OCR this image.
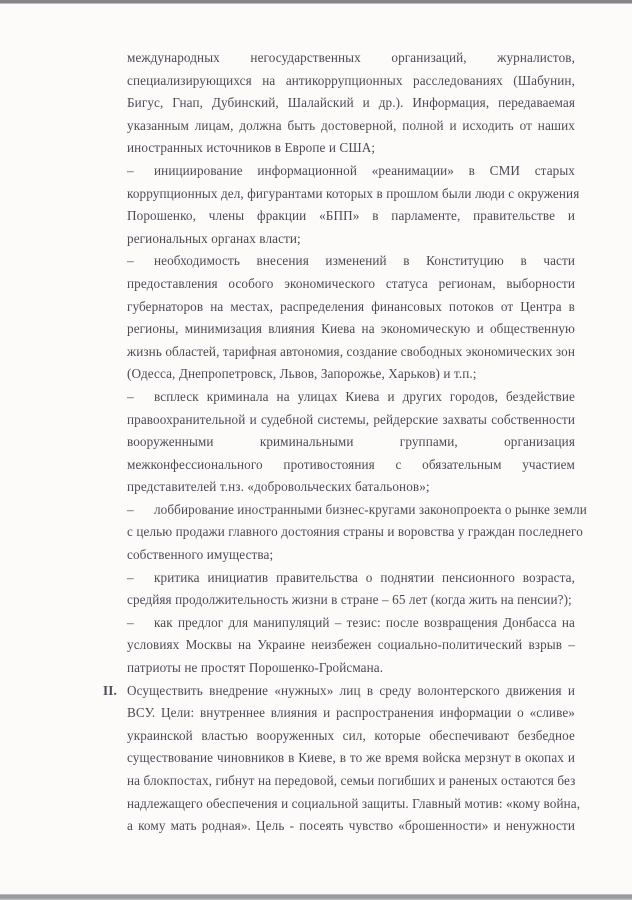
международных негосударственных организаций, журналистов,
специализирующихся на антикоррупционных расследованиях (Шабунин,
Бигус, Гнап, Дубинский, Шалайский и др.). Информация, передаваемая
указанным лицам, должна быть достоверной, полной и исходить от наших
иностранных источников в Европе и США;
– инициирование информационной «реанимации» в СМИ старых
коррупционных дел, фигурантами которых в прошлом были люди с окружения
Порошенко, члены фракции «БПП» в парламенте, правительстве и
региональных органах власти;
– необходимость внесения изменений в Конституцию в части
предоставления особого экономического статуса регионам, выборности
губернаторов на местах, распределения финансовых потоков от Центра в
регионы, минимизация влияния Киева на экономическую и общественную
жизнь областей, тарифная автономия, создание свободных экономических зон
(Одесса, Днепропетровск, Львов, Запорожье, Харьков) и т.п.;
– всплеск криминала на улицах Киева и других городов, бездействие
правоохранительной и судебной системы, рейдерские захваты собственности
вооруженными криминальными группами, организация
межконфессионального противостояния с обязательным участием
представителей т.нз. «добровольческих батальонов»;
– лоббирование иностранными бизнес-кругами законопроекта о рынке земли
с целью продажи главного достояния страны и воровства у граждан последнего
собственного имущества;
– критика инициатив правительства о поднятии пенсионного возраста,
средйяя продолжительность жизни в стране – 65 лет (когда жить на пенсии?);
– как предлог для манипуляций – тезис: после возвращения Донбасса на
условиях Москвы на Украине неизбежен социально-политический взрыв –
патриоты не простят Порошенко-Гройсмана.
II. Осуществить внедрение «нужных» лиц в среду волонтерского движения и
ВСУ. Цели: внутреннее влияния и распространения информации о «сливе»
украинской властью вооруженных сил, которые обеспечивают безбедное
существование чиновников в Киеве, в то же время войска мерзнут в окопах и
на блокпостах, гибнут на передовой, семьи погибших и раненых остаются без
надлежащего обеспечения и социальной защиты. Главный мотив: «кому война,
а кому мать родная». Цель - посеять чувство «брошенности» и ненужности
